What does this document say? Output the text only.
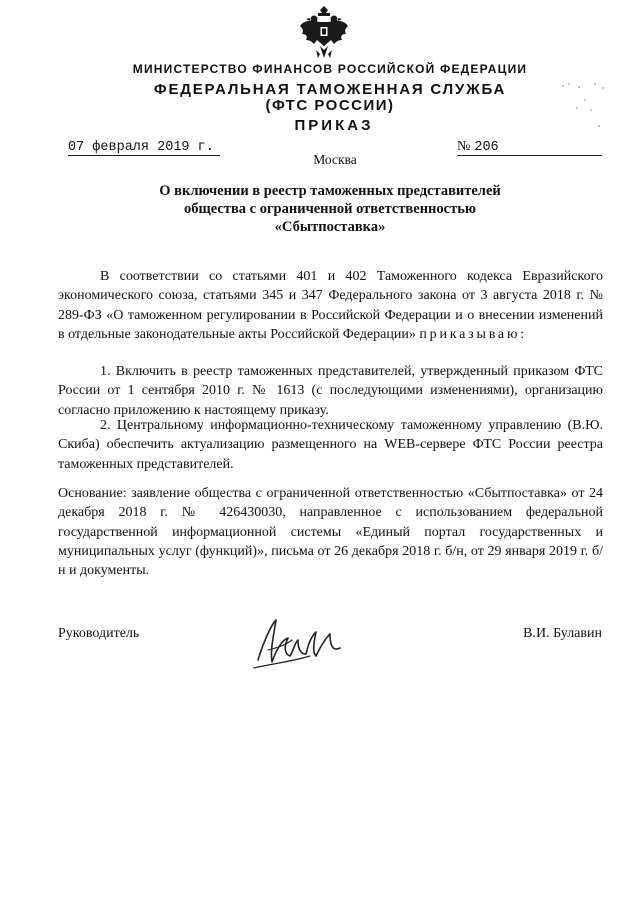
МИНИСТЕРСТВО ФИНАНСОВ РОССИЙСКОЙ ФЕДЕРАЦИИ
ФЕДЕРАЛЬНАЯ ТАМОЖЕННАЯ СЛУЖБА
(ФТС РОССИИ)
ПРИКАЗ
07 февраля 2019 г.	№ 206
Москва
О включении в реестр таможенных представителей
общества с ограниченной ответственностью
«Сбытпоставка»

В соответствии со статьями 401 и 402 Таможенного кодекса Евразийского экономического союза, статьями 345 и 347 Федерального закона от 3 августа 2018 г. № 289-ФЗ «О таможенном регулировании в Российской Федерации и о внесении изменений в отдельные законодательные акты Российской Федерации» приказываю:

1. Включить в реестр таможенных представителей, утвержденный приказом ФТС России от 1 сентября 2010 г. № 1613 (с последующими изменениями), организацию согласно приложению к настоящему приказу.

2. Центральному информационно-техническому таможенному управлению (В.Ю. Скиба) обеспечить актуализацию размещенного на WEB-сервере ФТС России реестра таможенных представителей.

Основание: заявление общества с ограниченной ответственностью «Сбытпоставка» от 24 декабря 2018 г. № 426430030, направленное с использованием федеральной государственной информационной системы «Единый портал государственных и муниципальных услуг (функций)», письма от 26 декабря 2018 г. б/н, от 29 января 2019 г. б/н и документы.

Руководитель	В.И. Булавин
